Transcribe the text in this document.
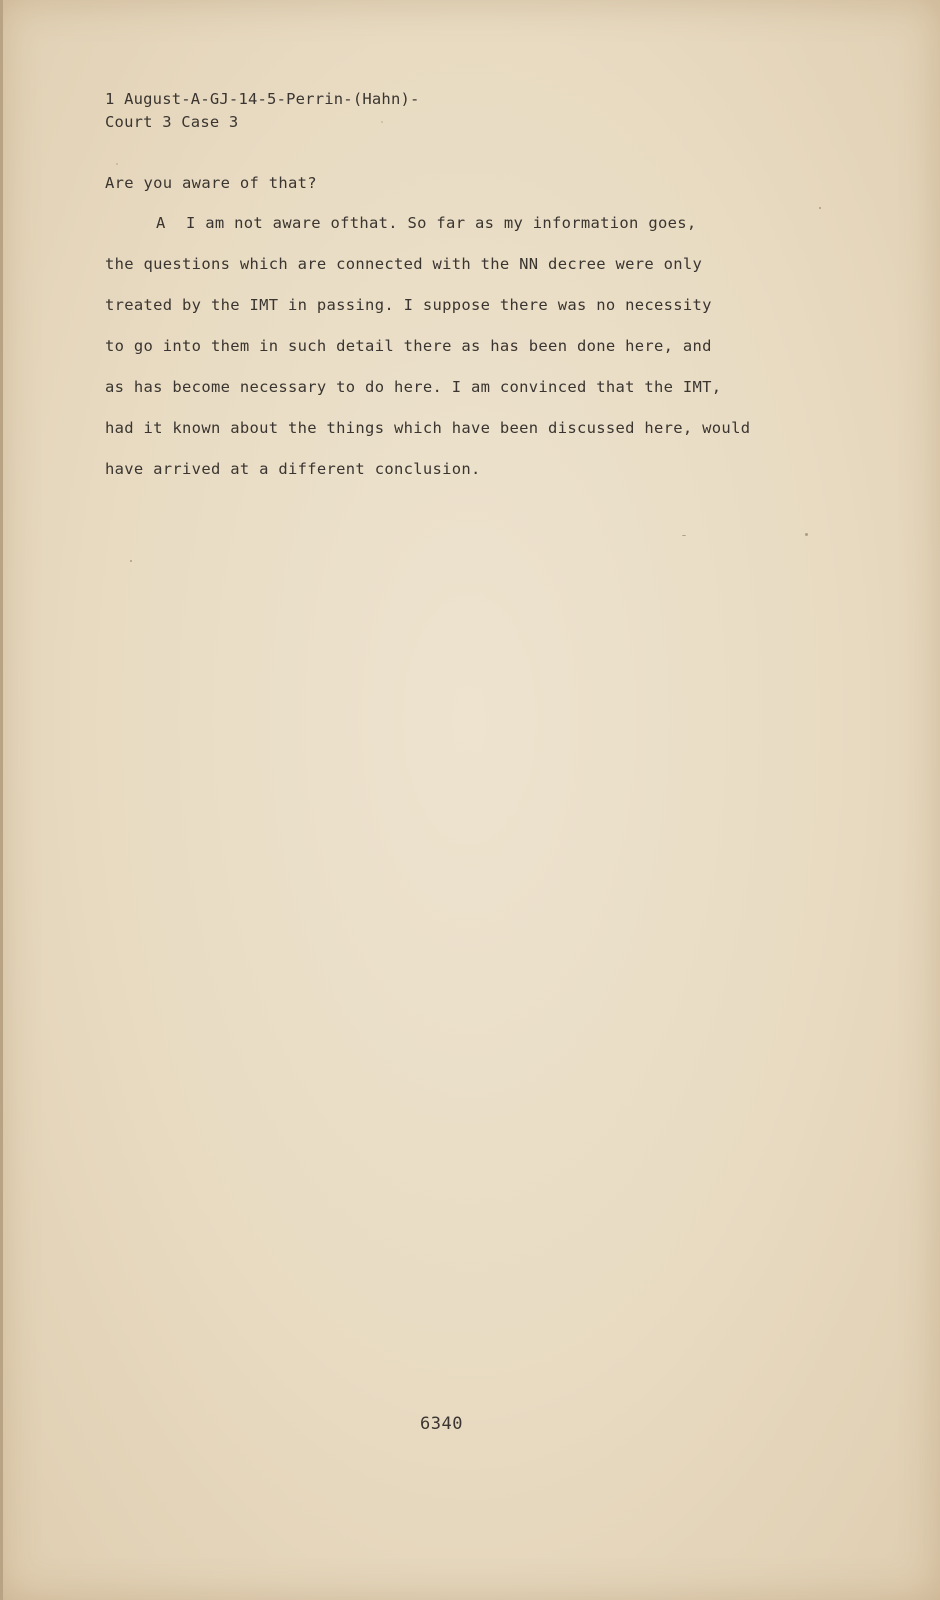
1 August-A-GJ-14-5-Perrin-(Hahn)-
Court 3 Case 3
Are you aware of that?
A I am not aware ofthat. So far as my information goes,
the questions which are connected with the NN decree were only
treated by the IMT in passing. I suppose there was no necessity
to go into them in such detail there as has been done here, and
as has become necessary to do here. I am convinced that the IMT,
had it known about the things which have been discussed here, would
have arrived at a different conclusion.
6340
